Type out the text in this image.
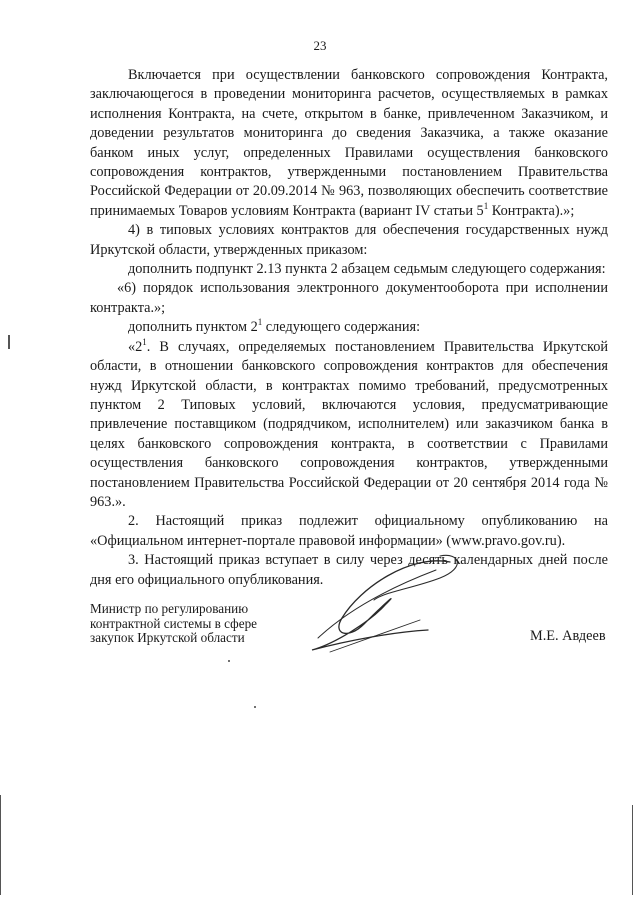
23

Включается при осуществлении банковского сопровождения Контракта, заключающегося в проведении мониторинга расчетов, осуществляемых в рамках исполнения Контракта, на счете, открытом в банке, привлеченном Заказчиком, и доведении результатов мониторинга до сведения Заказчика, а также оказание банком иных услуг, определенных Правилами осуществления банковского сопровождения контрактов, утвержденными постановлением Правительства Российской Федерации от 20.09.2014 № 963, позволяющих обеспечить соответствие принимаемых Товаров условиям Контракта (вариант IV статьи $5^1$ Контракта).»;

4) в типовых условиях контрактов для обеспечения государственных нужд Иркутской области, утвержденных приказом:

дополнить подпункт 2.13 пункта 2 абзацем седьмым следующего содержания:

«6) порядок использования электронного документооборота при исполнении контракта.»;

дополнить пунктом $2^1$ следующего содержания:

«$2^1$. В случаях, определяемых постановлением Правительства Иркутской области, в отношении банковского сопровождения контрактов для обеспечения нужд Иркутской области, в контрактах помимо требований, предусмотренных пунктом 2 Типовых условий, включаются условия, предусматривающие привлечение поставщиком (подрядчиком, исполнителем) или заказчиком банка в целях банковского сопровождения контракта, в соответствии с Правилами осуществления банковского сопровождения контрактов, утвержденными постановлением Правительства Российской Федерации от 20 сентября 2014 года № 963.».

2. Настоящий приказ подлежит официальному опубликованию на «Официальном интернет-портале правовой информации» (www.pravo.gov.ru).

3. Настоящий приказ вступает в силу через десять календарных дней после дня его официального опубликования.

Министр по регулированию
контрактной системы в сфере
закупок Иркутской области	М.Е. Авдеев
